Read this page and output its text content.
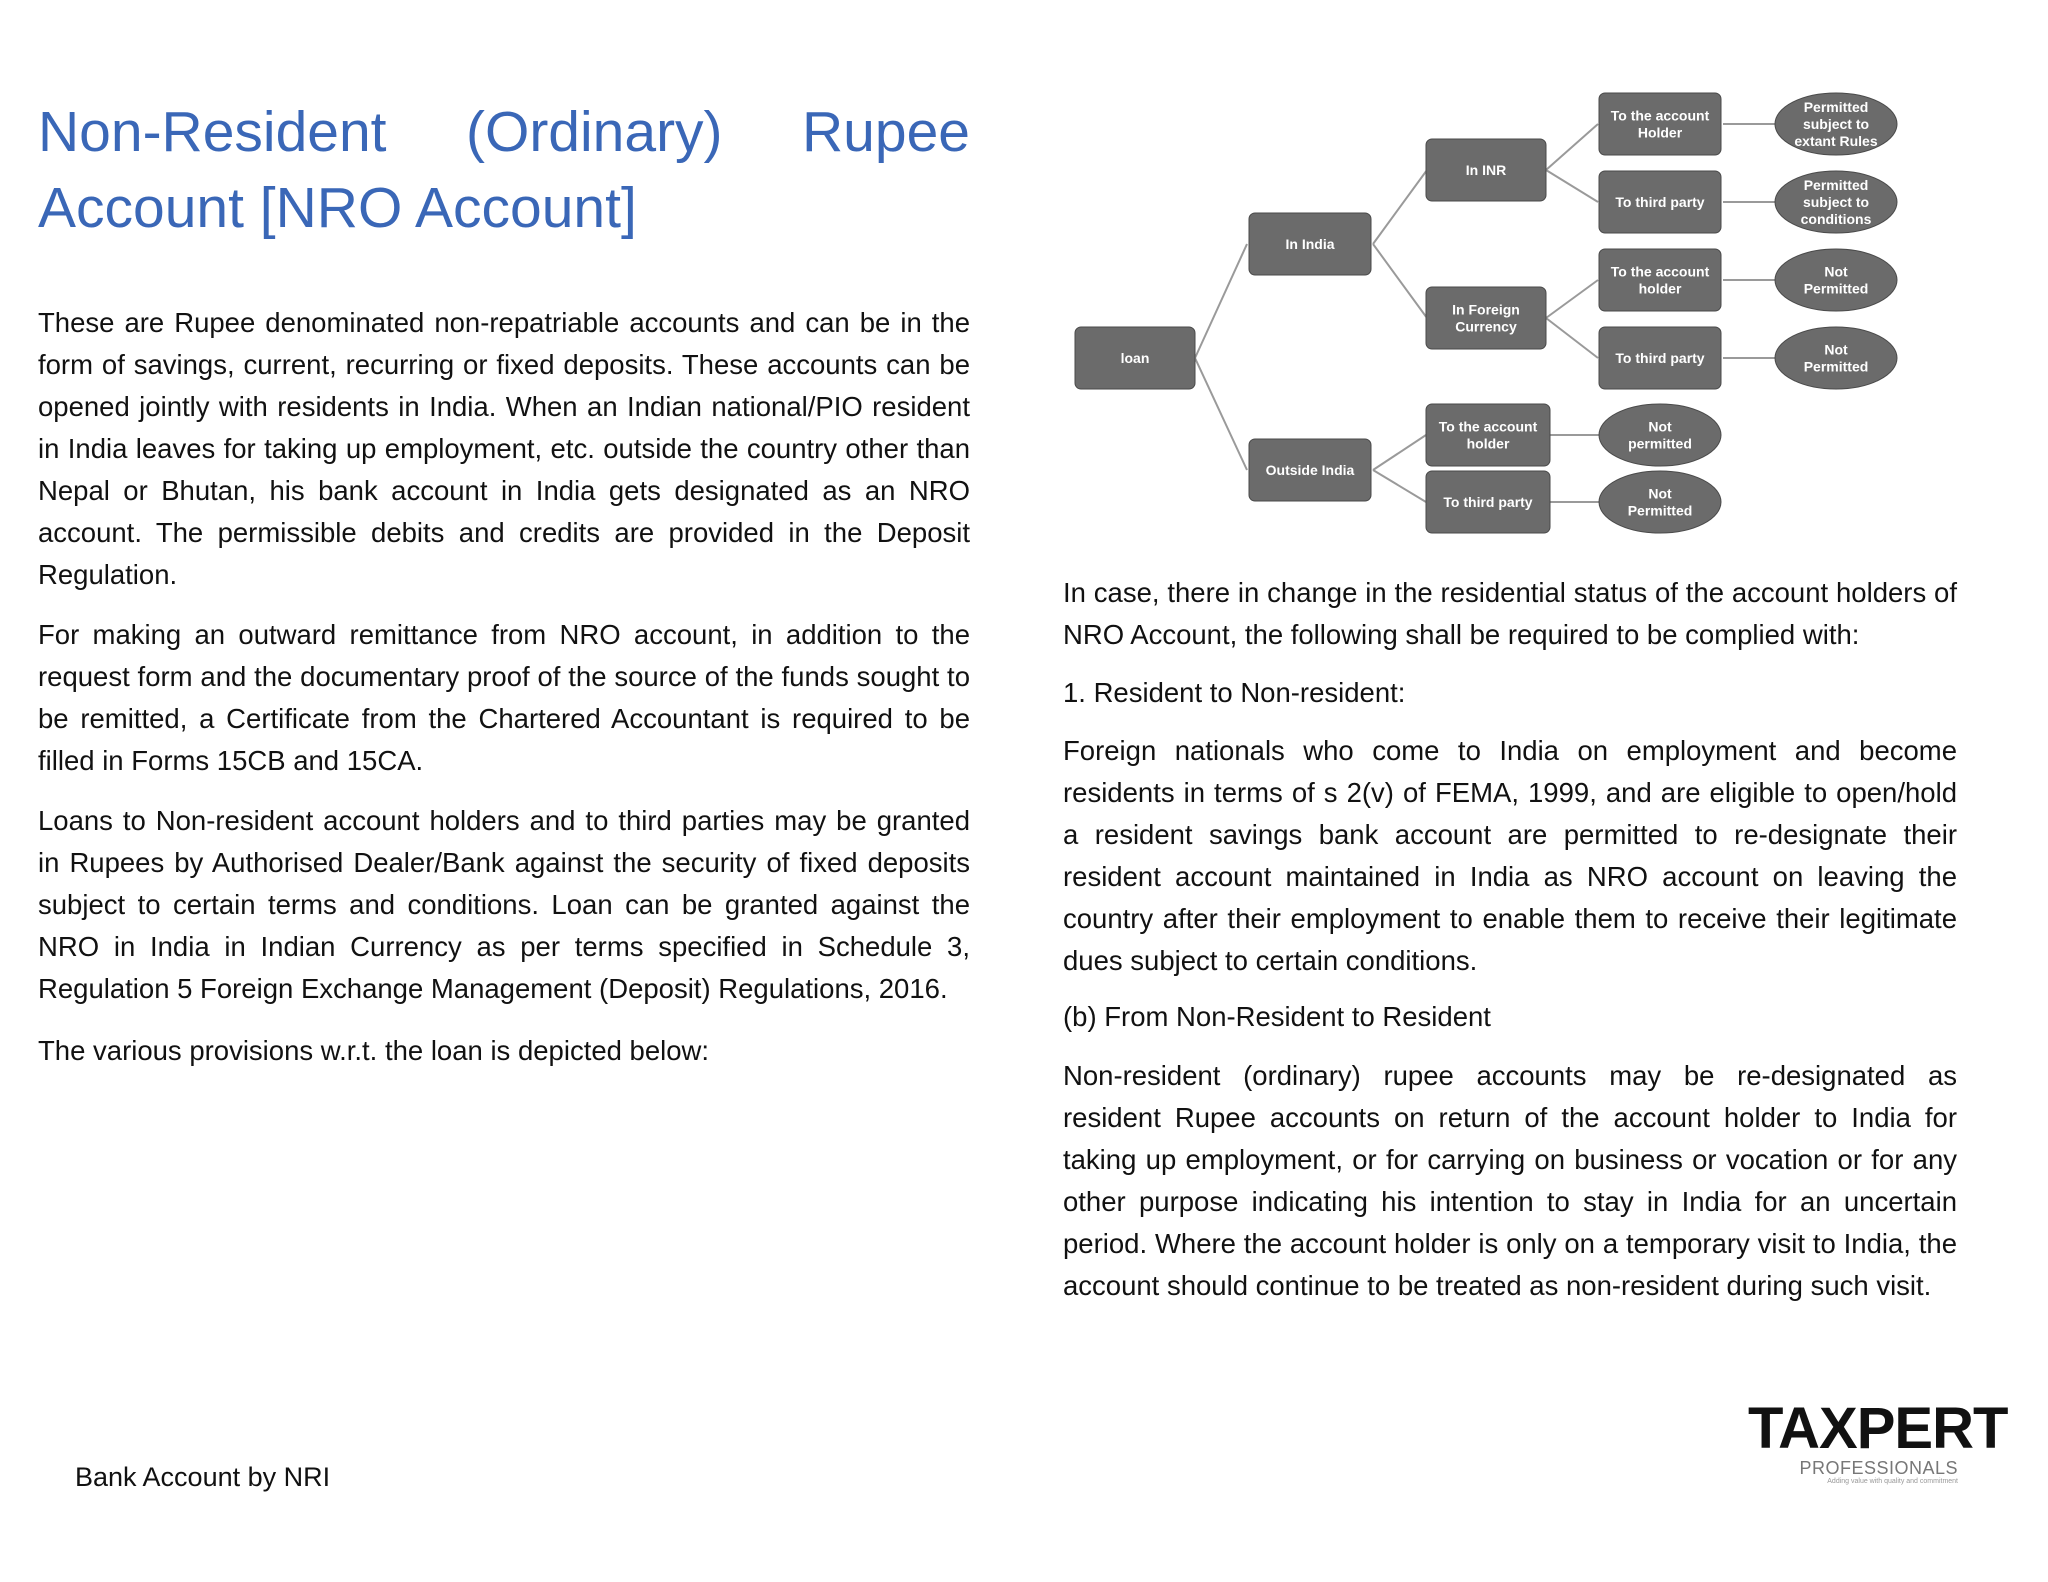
Non-Resident (Ordinary) Rupee
Account [NRO Account]

These are Rupee denominated non-repatriable accounts and can be in the form of savings, current, recurring or fixed deposits. These accounts can be opened jointly with residents in India. When an Indian national/PIO resident in India leaves for taking up employment, etc. outside the country other than Nepal or Bhutan, his bank account in India gets designated as an NRO account. The permissible debits and credits are provided in the Deposit Regulation.

For making an outward remittance from NRO account, in addition to the request form and the documentary proof of the source of the funds sought to be remitted, a Certificate from the Chartered Accountant is required to be filled in Forms 15CB and 15CA.

Loans to Non-resident account holders and to third parties may be granted in Rupees by Authorised Dealer/Bank against the security of fixed deposits subject to certain terms and conditions. Loan can be granted against the NRO in India in Indian Currency as per terms specified in Schedule 3, Regulation 5 Foreign Exchange Management (Deposit) Regulations, 2016.

The various provisions w.r.t. the loan is depicted below:

In case, there in change in the residential status of the account holders of NRO Account, the following shall be required to be complied with:

1. Resident to Non-resident:

Foreign nationals who come to India on employment and become residents in terms of s 2(v) of FEMA, 1999, and are eligible to open/hold a resident savings bank account are permitted to re-designate their resident account maintained in India as NRO account on leaving the country after their employment to enable them to receive their legitimate dues subject to certain conditions.

(b) From Non-Resident to Resident

Non-resident (ordinary) rupee accounts may be re-designated as resident Rupee accounts on return of the account holder to India for taking up employment, or for carrying on business or vocation or for any other purpose indicating his intention to stay in India for an uncertain period. Where the account holder is only on a temporary visit to India, the account should continue to be treated as non-resident during such visit.

loan
In India
Outside India
In INR
In Foreign
Currency
To the account
Holder
To third party
To the account
holder
To third party
To the account
holder
To third party
Permitted
subject to
extant Rules
Permitted
subject to
conditions
Not
Permitted
Not
Permitted
Not
permitted
Not
Permitted
Bank Account by NRI
TAXPERT
PROFESSIONALS
Adding value with quality and commitment
